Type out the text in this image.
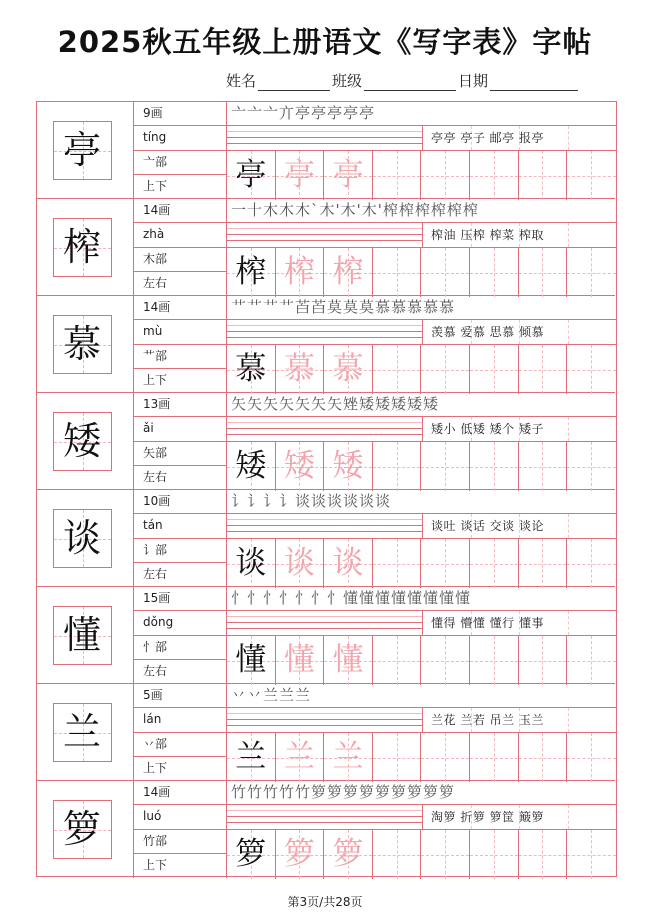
2025秋五年级上册语文《写字表》字帖
姓名	班级	日期
亭
9画
tíng
亠部
上下
亠亠亠亣亭亭亭亭亭
亭亭 亭子 邮亭 报亭
亭 亭 亭
榨
14画
zhà
木部
左右
一十木木木`木'木'木'榨榨榨榨榨榨
榨油 压榨 榨菜 榨取
榨 榨 榨
慕
14画
mù
艹部
上下
艹艹艹艹苩苩莫莫莫慕慕慕慕慕
羡慕 爱慕 思慕 倾慕
慕 慕 慕
矮
13画
ǎi
矢部
左右
矢矢矢矢矢矢矢矬矮矮矮矮矮
矮小 低矮 矮个 矮子
矮 矮 矮
谈
10画
tán
讠部
左右
讠讠讠讠谈谈谈谈谈谈
谈吐 谈话 交谈 谈论
谈 谈 谈
懂
15画
dǒng
忄部
左右
忄忄忄忄忄忄忄懂懂懂懂懂懂懂懂
懂得 懵懂 懂行 懂事
懂 懂 懂
兰
5画
lán
丷部
上下
丷丷兰兰兰
兰花 兰若 吊兰 玉兰
兰 兰 兰
箩
14画
luó
竹部
上下
竹竹竹竹竹箩箩箩箩箩箩箩箩箩
淘箩 折箩 箩筐 簸箩
箩 箩 箩
第3页/共28页
